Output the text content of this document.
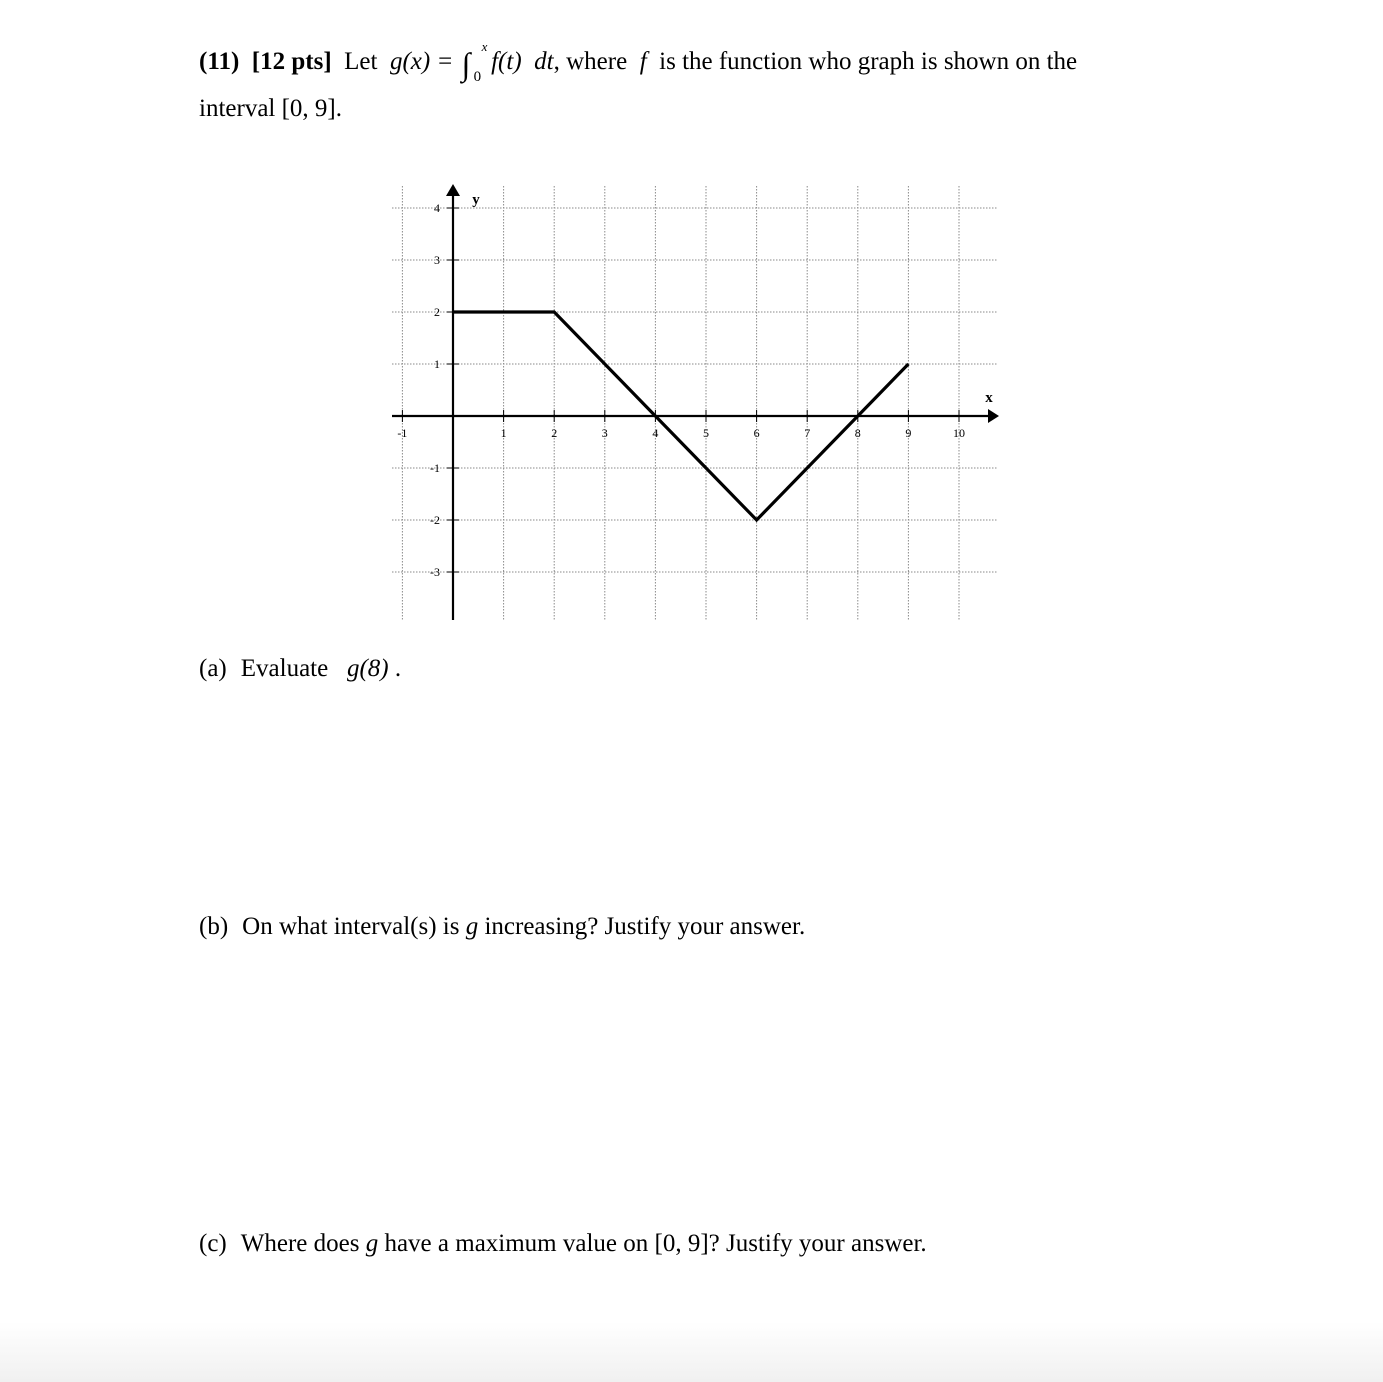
(11) [12 pts] Let g(x) = ∫ x
0
f(t) dt, where f is the function who graph is shown on the
interval [0, 9].
-1	1	2	3	4	5	6	7	8	9	10
4
3
2
1
-1
-2
-3
x
y
(a) Evaluate g(8) .
(b) On what interval(s) is g increasing? Justify your answer.
(c) Where does g have a maximum value on [0, 9]? Justify your answer.
